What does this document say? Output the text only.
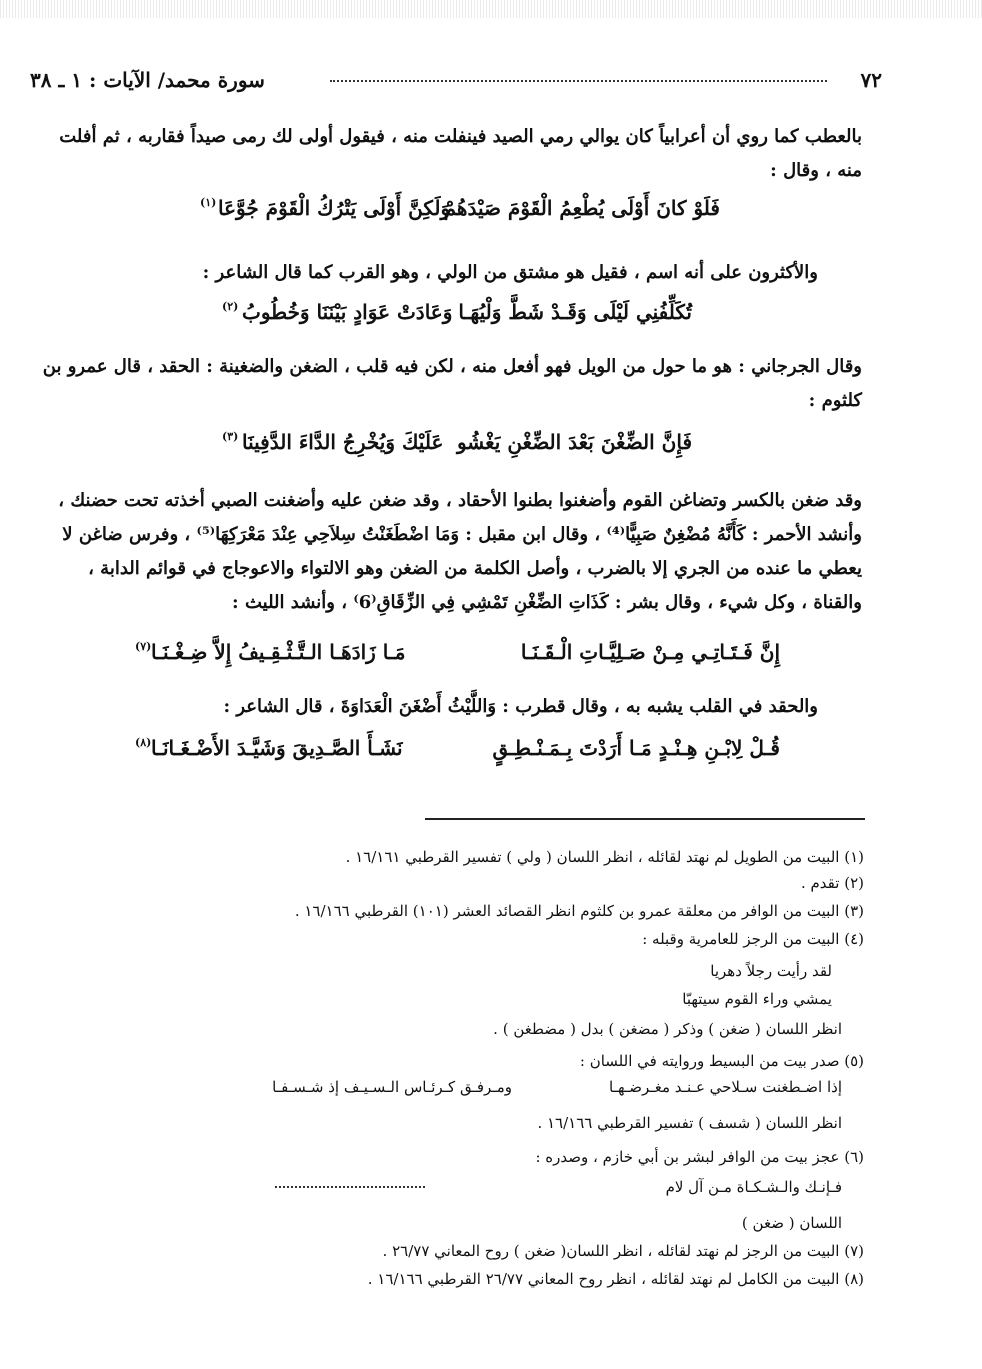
٧٢
سورة محمد/ الآيات : ١ ـ ٣٨
بالعطب كما روي أن أعرابياً كان يوالي رمي الصيد فينفلت منه ، فيقول أولى لك رمى صيداً فقاربه ، ثم أفلت منه ، وقال :
فَلَوْ كانَ أَوْلَى يُطْعِمُ الْقَوْمَ صَيْدَهُمْ
وَلَكِنَّ أَوْلَى يَتْرُكُ الْقَوْمَ جُوَّعَا
(١)
والأكثرون على أنه اسم ، فقيل هو مشتق من الولي ، وهو القرب كما قال الشاعر :
تُكَلِّفُنِي لَيْلَى وَقَـدْ شَطَّ وَلْيُهَـا
وَعَادَتْ عَوَادٍ بَيْنَنَا وَخُطُوبُ
(٢)
وقال الجرجاني : هو ما حول من الويل فهو أفعل منه ، لكن فيه قلب ، الضغن والضغينة : الحقد ، قال عمرو بن كلثوم :
فَإِنَّ الضِّغْنَ بَعْدَ الضِّغْنِ يَغْشُو
عَلَيْكَ وَيُخْرِجُ الدَّاءَ الدَّفِينَا
(٣)
وقد ضغن بالكسر وتضاغن القوم وأضغنوا بطنوا الأحقاد ، وقد ضغن عليه وأضغنت الصبي أخذته تحت حضنك ، وأنشد الأحمر : كَأَنَّهُ مُضْغِنٌ صَبِيًّا⁽⁴⁾ ، وقال ابن مقبل : وَمَا اضْطَغَنْتُ سِلاَحِي عِنْدَ مَعْرَكِهَا⁽⁵⁾ ، وفرس ضاغن لا يعطي ما عنده من الجري إلا بالضرب ، وأصل الكلمة من الضغن وهو الالتواء والاعوجاج في قوائم الدابة ، والقناة ، وكل شيء ، وقال بشر : كَذَاتِ الضِّغْنِ تَمْشِي فِي الزِّقَاقِ⁽6⁾ ، وأنشد الليث :
إِنَّ فَـتَـاتِـي مِـنْ صَـلِيَّـاتِ الْـقَـنَـا
مَـا زَادَهَـا الـتَّـثْـقِـيفُ إِلاَّ ضِـغْـنَـا
(٧)
والحقد في القلب يشبه به ، وقال قطرب : وَاللَّيْثُ أَضْغَنَ الْعَدَاوَةَ ، قال الشاعر :
قُـلْ لِابْـنِ هِـنْـدٍ مَـا أَرَدْتَ بِـمَـنْـطِـقٍ
نَشَـأَ الصَّـدِيقَ وَشَيَّـدَ الأَضْـغَـانَـا
(٨)
(١) البيت من الطويل لم نهتد لقائله ، انظر اللسان ( ولي ) تفسير القرطبي ١٦/١٦١ .
(٢) تقدم .
(٣) البيت من الوافر من معلقة عمرو بن كلثوم انظر القصائد العشر (١٠١) القرطبي ١٦/١٦٦ .
(٤) البيت من الرجز للعامرية وقبله :
لقد رأيت رجلاً دهريا
يمشي وراء القوم سيتهبّا
انظر اللسان ( ضغن ) وذكر ( مضغن ) بدل ( مضطغن ) .
(٥) صدر بيت من البسيط وروايته في اللسان :
إذا اضـطغنت سـلاحي عـنـد مغـرضـهـا
ومـرفـق كـرئـاس الـسـيـف إذ شـسـفـا
انظر اللسان ( شسف ) تفسير القرطبي ١٦/١٦٦ .
(٦) عجز بيت من الوافر لبشر بن أبي خازم ، وصدره :
فـإنـك والـشـكـاة مـن آل لام
اللسان ( ضغن )
(٧) البيت من الرجز لم نهتد لقائله ، انظر اللسان( ضغن ) روح المعاني ٢٦/٧٧ .
(٨) البيت من الكامل لم نهتد لقائله ، انظر روح المعاني ٢٦/٧٧ القرطبي ١٦/١٦٦ .
